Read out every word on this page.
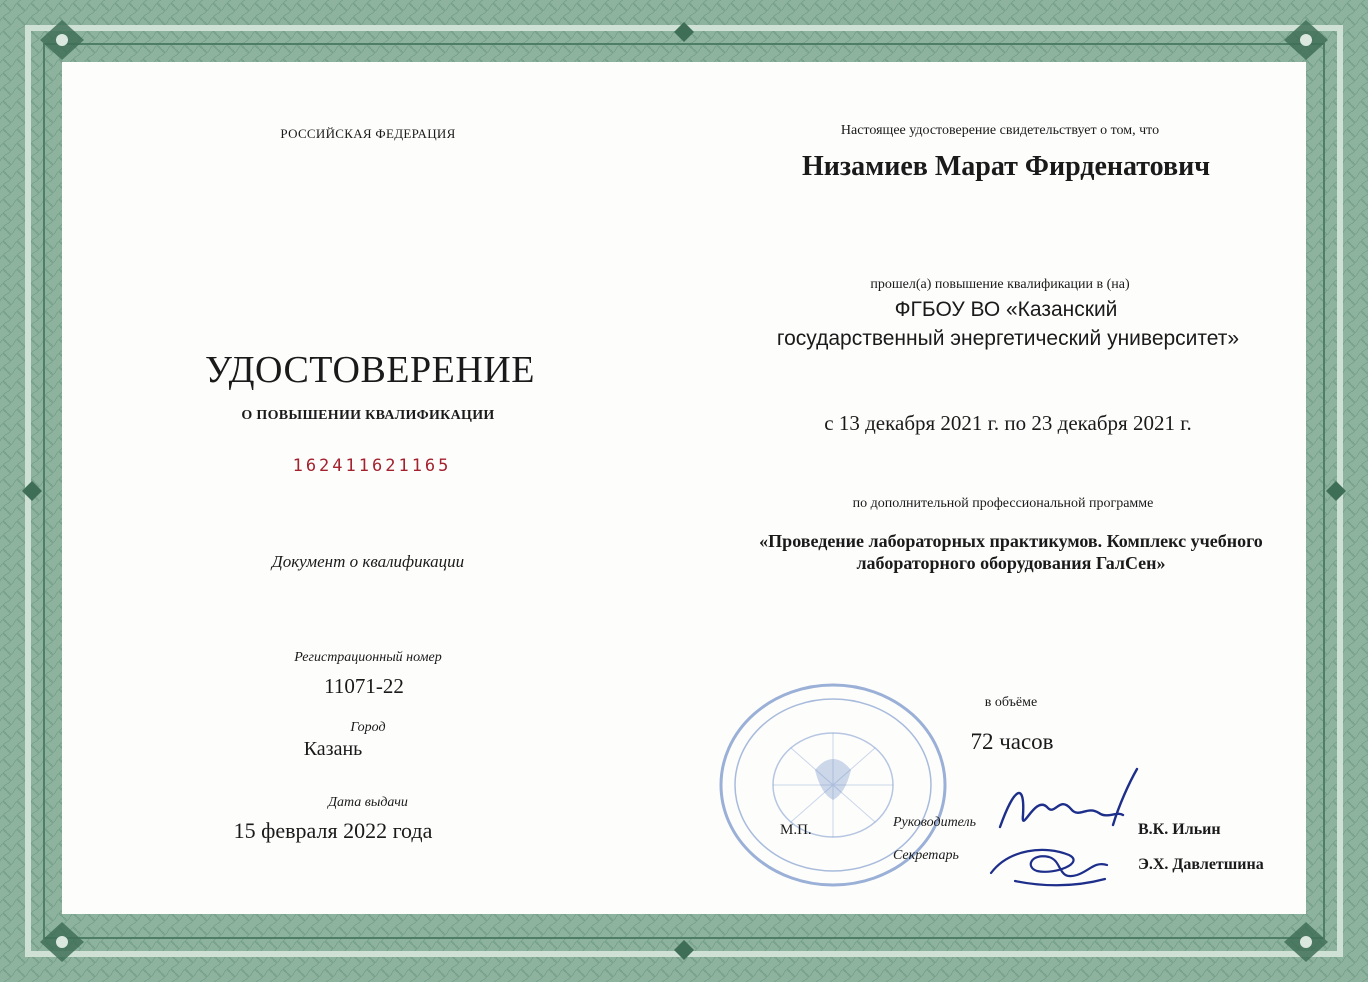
РОССИЙСКАЯ ФЕДЕРАЦИЯ
УДОСТОВЕРЕНИЕ
О ПОВЫШЕНИИ КВАЛИФИКАЦИИ
162411621165
Документ о квалификации
Регистрационный номер
11071-22
Город
Казань
Дата выдачи
15 февраля 2022 года
Настоящее удостоверение свидетельствует о том, что
Низамиев Марат Фирденатович
прошел(а) повышение квалификации в (на)
ФГБОУ ВО «Казанский
государственный энергетический университет»
с 13 декабря 2021 г. по 23 декабря 2021 г.
по дополнительной профессиональной программе
«Проведение лабораторных практикумов. Комплекс учебного
лабораторного оборудования ГалСен»
в объёме
72 часов
М.П.	Руководитель	В.К. Ильин
Секретарь
Э.Х. Давлетшина
